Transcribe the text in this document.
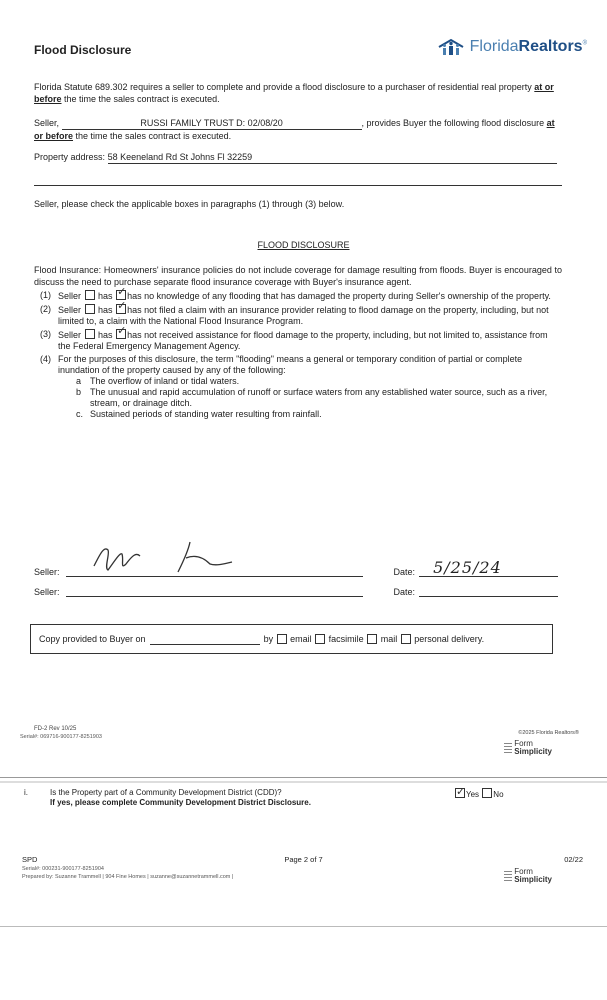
Flood Disclosure	FloridaRealtors®
Florida Statute 689.302 requires a seller to complete and provide a flood disclosure to a purchaser of residential real property at or before the time the sales contract is executed.
Seller,	RUSSI FAMILY TRUST D: 02/08/20	, provides Buyer the following flood disclosure at or before the time the sales contract is executed.
Property address: 58 Keeneland Rd St Johns Fl 32259
Seller, please check the applicable boxes in paragraphs (1) through (3) below.
FLOOD DISCLOSURE
Flood Insurance: Homeowners' insurance policies do not include coverage for damage resulting from floods. Buyer is encouraged to discuss the need to purchase separate flood insurance coverage with Buyer's insurance agent.
(1) Seller has ✓ has no knowledge of any flooding that has damaged the property during Seller's ownership of the property.
(2) Seller has ✓ has not filed a claim with an insurance provider relating to flood damage on the property, including, but not limited to, a claim with the National Flood Insurance Program.
(3) Seller has ✓ has not received assistance for flood damage to the property, including, but not limited to, assistance from the Federal Emergency Management Agency.
(4) For the purposes of this disclosure, the term "flooding" means a general or temporary condition of partial or complete inundation of the property caused by any of the following:
a The overflow of inland or tidal waters.
b The unusual and rapid accumulation of runoff or surface waters from any established water source, such as a river, stream, or drainage ditch.
c. Sustained periods of standing water resulting from rainfall.
Seller:	Date: 5/25/24
Seller:	Date:
Copy provided to Buyer on	by

email

facsimile

mail

personal delivery.
FD-2 Rev 10/25
Serial#: 069716-900177-8251903
©2025 Florida Realtors®
Form
Simplicity
i.	Is the Property part of a Community Development District (CDD)?
If yes, please complete Community Development District Disclosure.
✓Yes No
SPD	Page 2 of 7	02/22
Serial#: 000231-900177-8251904
Prepared by: Suzanne Trammell | 904 Fine Homes | suzanne@suzannetrammell.com |
Form
Simplicity
